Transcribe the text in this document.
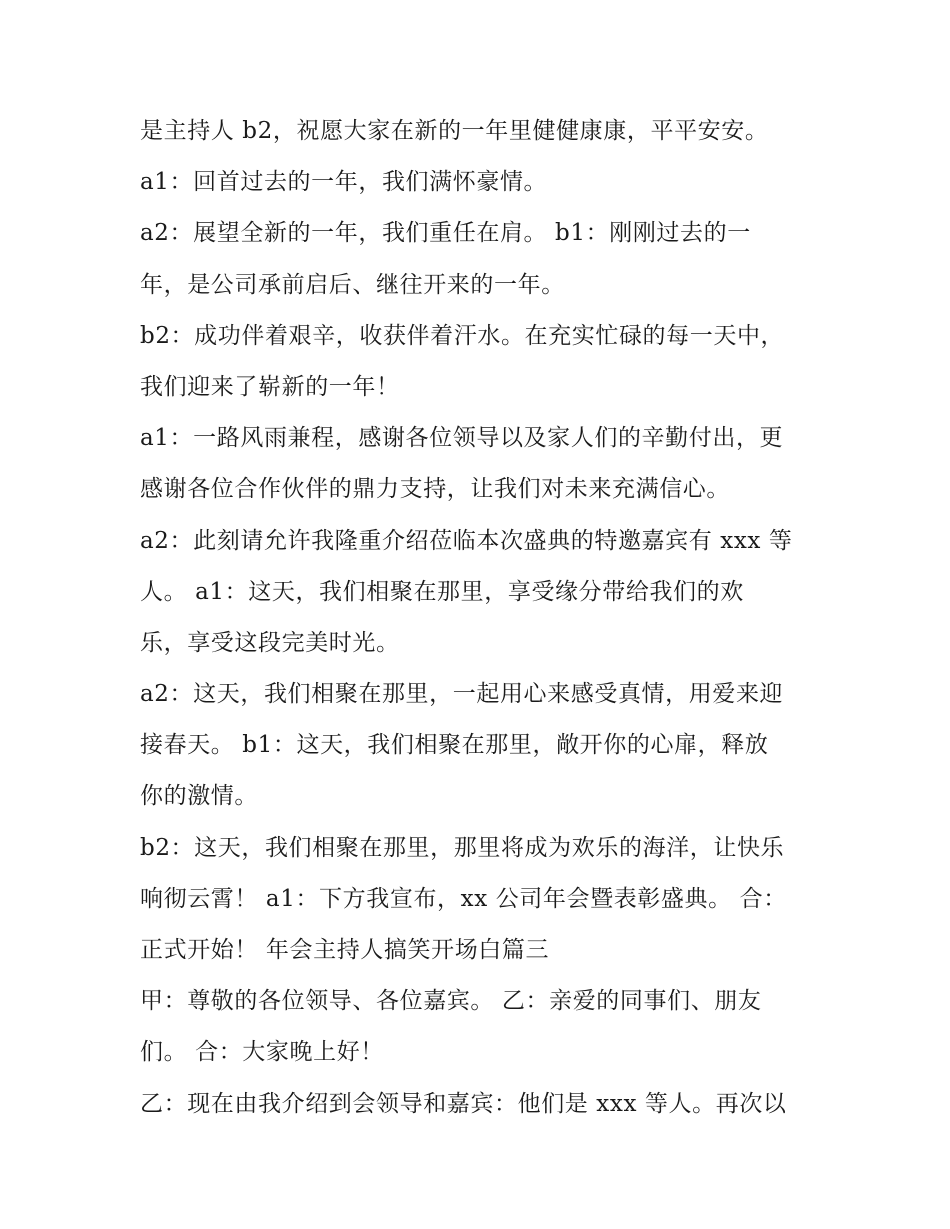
是主持人 b2，祝愿大家在新的一年里健健康康，平平安安。
a1：回首过去的一年，我们满怀豪情。
a2：展望全新的一年，我们重任在肩。 b1：刚刚过去的一
年，是公司承前启后、继往开来的一年。
b2：成功伴着艰辛，收获伴着汗水。在充实忙碌的每一天中，
我们迎来了崭新的一年！
a1：一路风雨兼程，感谢各位领导以及家人们的辛勤付出，更
感谢各位合作伙伴的鼎力支持，让我们对未来充满信心。
a2：此刻请允许我隆重介绍莅临本次盛典的特邀嘉宾有 xxx 等
人。 a1：这天，我们相聚在那里，享受缘分带给我们的欢
乐，享受这段完美时光。
a2：这天，我们相聚在那里，一起用心来感受真情，用爱来迎
接春天。 b1：这天，我们相聚在那里，敞开你的心扉，释放
你的激情。
b2：这天，我们相聚在那里，那里将成为欢乐的海洋，让快乐
响彻云霄！ a1：下方我宣布，xx 公司年会暨表彰盛典。 合：
正式开始！ 年会主持人搞笑开场白篇三
甲：尊敬的各位领导、各位嘉宾。 乙：亲爱的同事们、朋友
们。 合：大家晚上好！
乙：现在由我介绍到会领导和嘉宾：他们是 xxx 等人。再次以
